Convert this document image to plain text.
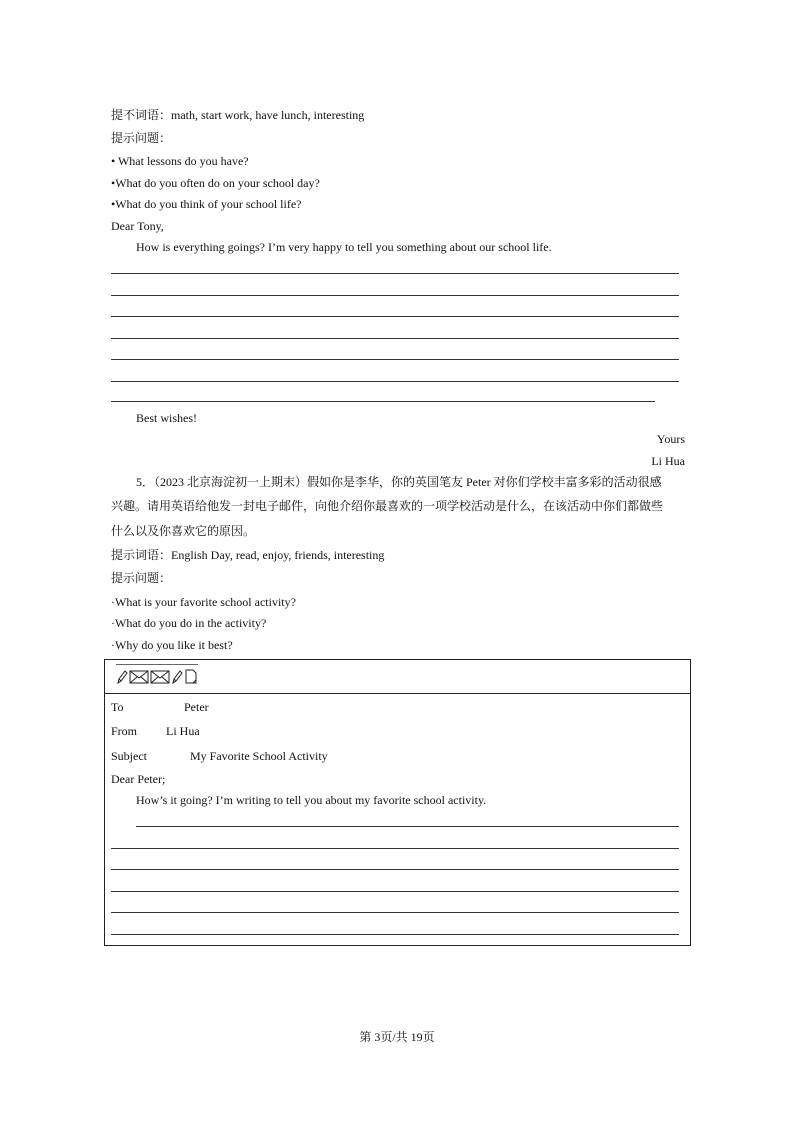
提不词语：math, start work, have lunch, interesting
提示问题：
• What lessons do you have?
•What do you often do on your school day?
•What do you think of your school life?
Dear Tony,
How is everything goings? I’m very happy to tell you something about our school life.
Best wishes!
Yours
Li Hua
5．（2023 北京海淀初一上期末）假如你是李华，你的英国笔友 Peter 对你们学校丰富多彩的活动很感
兴趣。请用英语给他发一封电子邮件，向他介绍你最喜欢的一项学校活动是什么，在该活动中你们都做些
什么以及你喜欢它的原因。
提示词语：English Day, read, enjoy, friends, interesting
提示问题：
·What is your favorite school activity?
·What do you do in the activity?
·Why do you like it best?
To	Peter
From Li Hua
Subject	My Favorite School Activity
Dear Peter;
How’s it going? I’m writing to tell you about my favorite school activity.
第 3页/共 19页
